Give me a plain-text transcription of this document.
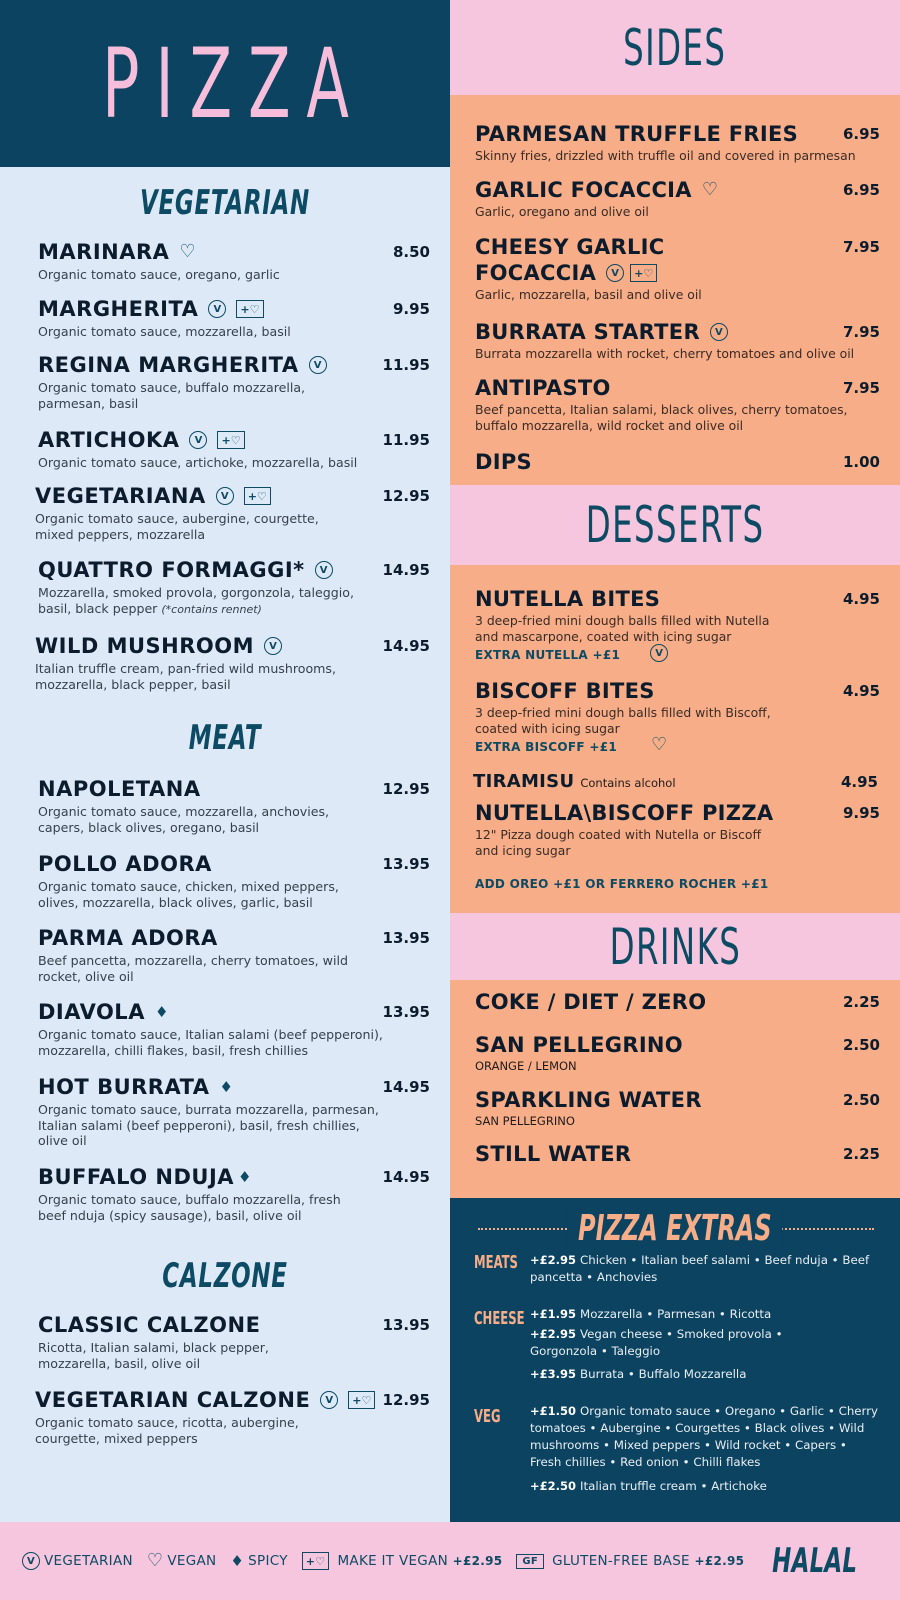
PIZZA
VEGETARIAN
MARINARA ♡	8.50
Organic tomato sauce, oregano, garlic
MARGHERITA	V	+♡	9.95
Organic tomato sauce, mozzarella, basil
REGINA MARGHERITA	V	11.95
Organic tomato sauce, buffalo mozzarella, parmesan, basil
ARTICHOKA	V	+♡	11.95
Organic tomato sauce, artichoke, mozzarella, basil
VEGETARIANA	V	+♡	12.95
Organic tomato sauce, aubergine, courgette, mixed peppers, mozzarella
QUATTRO FORMAGGI*	V	14.95
Mozzarella, smoked provola, gorgonzola, taleggio, basil, black pepper (*contains rennet)
WILD MUSHROOM	V	14.95
Italian truffle cream, pan-fried wild mushrooms, mozzarella, black pepper, basil
MEAT
NAPOLETANA	12.95
Organic tomato sauce, mozzarella, anchovies, capers, black olives, oregano, basil
POLLO ADORA	13.95
Organic tomato sauce, chicken, mixed peppers, olives, mozzarella, black olives, garlic, basil
PARMA ADORA	13.95
Beef pancetta, mozzarella, cherry tomatoes, wild rocket, olive oil
DIAVOLA ♦	13.95
Organic tomato sauce, Italian salami (beef pepperoni), mozzarella, chilli flakes, basil, fresh chillies
HOT BURRATA ♦	14.95
Organic tomato sauce, burrata mozzarella, parmesan, Italian salami (beef pepperoni), basil, fresh chillies, olive oil
BUFFALO NDUJA ♦	14.95
Organic tomato sauce, buffalo mozzarella, fresh beef nduja (spicy sausage), basil, olive oil
CALZONE
CLASSIC CALZONE	13.95
Ricotta, Italian salami, black pepper, mozzarella, basil, olive oil
VEGETARIAN CALZONE	V	+♡ 12.95
Organic tomato sauce, ricotta, aubergine, courgette, mixed peppers
SIDES
PARMESAN TRUFFLE FRIES	6.95
Skinny fries, drizzled with truffle oil and covered in parmesan
GARLIC FOCACCIA ♡	6.95
Garlic, oregano and olive oil
CHEESY GARLIC	7.95
FOCACCIA	V	+♡
Garlic, mozzarella, basil and olive oil
BURRATA STARTER	V	7.95
Burrata mozzarella with rocket, cherry tomatoes and olive oil
ANTIPASTO	7.95
Beef pancetta, Italian salami, black olives, cherry tomatoes, buffalo mozzarella, wild rocket and olive oil
DIPS	1.00
DESSERTS
NUTELLA BITES	4.95
3 deep-fried mini dough balls filled with Nutella and mascarpone, coated with icing sugar
EXTRA NUTELLA +£1	V
BISCOFF BITES	4.95
3 deep-fried mini dough balls filled with Biscoff, coated with icing sugar
EXTRA BISCOFF +£1 ♡
TIRAMISU Contains alcohol	4.95
NUTELLA\BISCOFF PIZZA	9.95
12" Pizza dough coated with Nutella or Biscoff and icing sugar
ADD OREO +£1 OR FERRERO ROCHER +£1
DRINKS
COKE / DIET / ZERO	2.25
SAN PELLEGRINO	2.50
ORANGE / LEMON
SPARKLING WATER	2.50
SAN PELLEGRINO
STILL WATER	2.25
PIZZA EXTRAS
MEATS +£2.95 Chicken • Italian beef salami • Beef nduja • Beef pancetta • Anchovies
CHEESE +£1.95 Mozzarella • Parmesan • Ricotta
+£2.95 Vegan cheese • Smoked provola • Gorgonzola • Taleggio
+£3.95 Burrata • Buffalo Mozzarella
VEG	+£1.50 Organic tomato sauce • Oregano • Garlic • Cherry tomatoes • Aubergine • Courgettes • Black olives • Wild mushrooms • Mixed peppers • Wild rocket • Capers • Fresh chillies • Red onion • Chilli flakes
+£2.50 Italian truffle cream • Artichoke
V VEGETARIAN ♡ VEGAN ♦ SPICY	+♡ MAKE IT VEGAN
+£2.95	GF	GLUTEN-FREE BASE
+£2.95 HALAL
